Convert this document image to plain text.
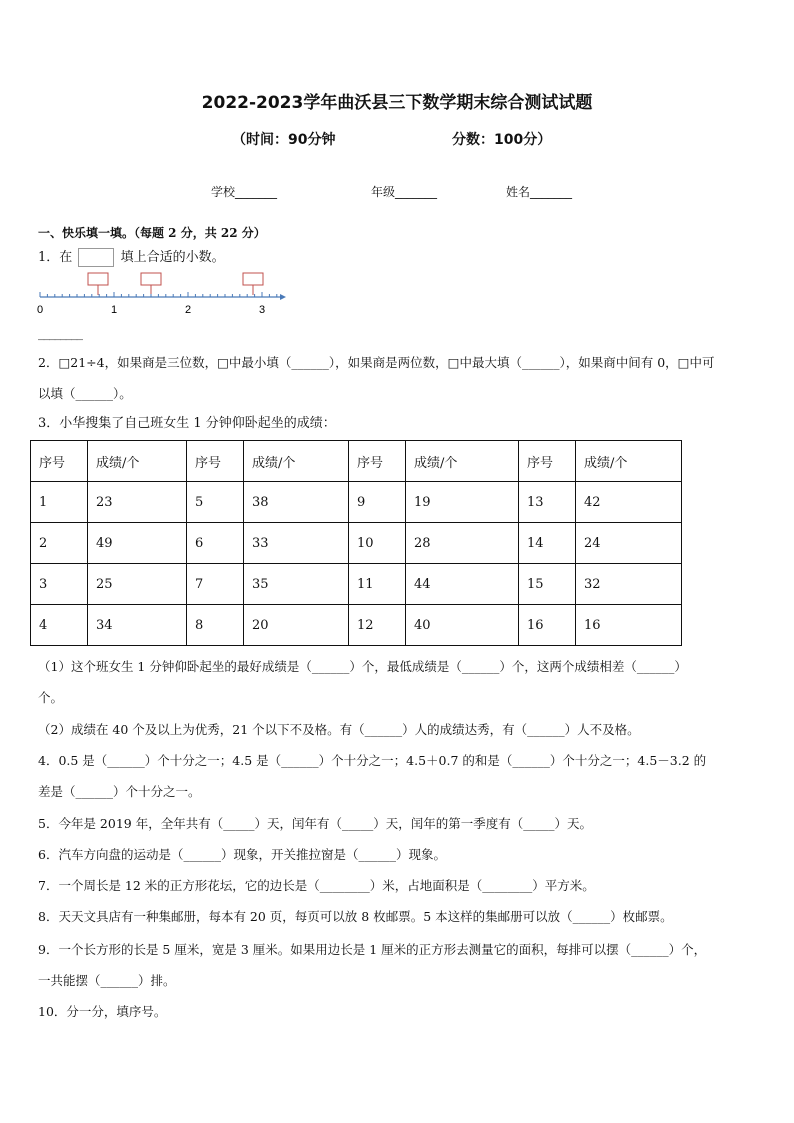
2022-2023学年曲沃县三下数学期末综合测试试题
（时间：90分钟	分数：100分）
学校_______	年级_______	姓名_______
一、快乐填一填。（每题 2 分，共 22 分）
1．在	填上合适的小数。
0	1	2	3
________
2．□21÷4，如果商是三位数，□中最小填（______），如果商是两位数，□中最大填（______），如果商中间有 0，□中可
以填（______）。
3．小华搜集了自己班女生 1 分钟仰卧起坐的成绩：
序号	成绩/个	序号	成绩/个	序号	成绩/个	序号	成绩/个
1	23	5	38	9	19	13	42
2	49	6	33	10	28	14	24
3	25	7	35	11	44	15	32
4	34	8	20	12	40	16	16
（1）这个班女生 1 分钟仰卧起坐的最好成绩是（______）个，最低成绩是（______）个，这两个成绩相差（______）
个。
（2）成绩在 40 个及以上为优秀，21 个以下不及格。有（______）人的成绩达秀，有（______）人不及格。
4．0.5 是（______）个十分之一；4.5 是（______）个十分之一；4.5＋0.7 的和是（______）个十分之一；4.5－3.2 的
差是（______）个十分之一。
5．今年是 2019 年，全年共有（_____）天，闰年有（_____）天，闰年的第一季度有（_____）天。
6．汽车方向盘的运动是（______）现象，开关推拉窗是（______）现象。
7．一个周长是 12 米的正方形花坛，它的边长是（________）米，占地面积是（________）平方米。
8．天天文具店有一种集邮册，每本有 20 页，每页可以放 8 枚邮票。5 本这样的集邮册可以放（______）枚邮票。
9．一个长方形的长是 5 厘米，宽是 3 厘米。如果用边长是 1 厘米的正方形去测量它的面积，每排可以摆（______）个，
一共能摆（______）排。
10．分一分，填序号。
